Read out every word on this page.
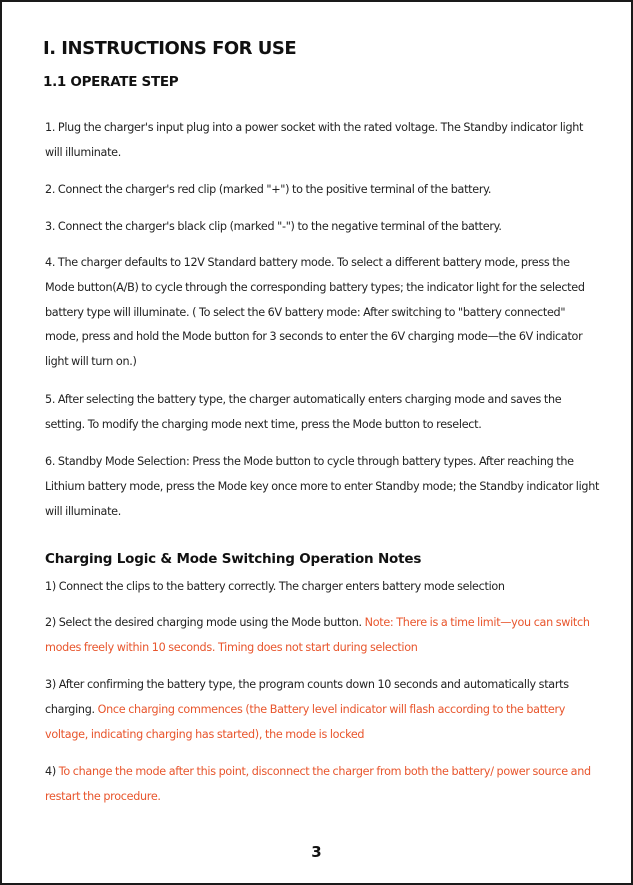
I. INSTRUCTIONS FOR USE
1.1 OPERATE STEP
1. Plug the charger's input plug into a power socket with the rated voltage. The Standby indicator light will illuminate.
2. Connect the charger's red clip (marked "+") to the positive terminal of the battery.
3. Connect the charger's black clip (marked "-") to the negative terminal of the battery.
4. The charger defaults to 12V Standard battery mode. To select a different battery mode, press the Mode button(A/B) to cycle through the corresponding battery types; the indicator light for the selected battery type will illuminate. ( To select the 6V battery mode: After switching to "battery connected" mode, press and hold the Mode button for 3 seconds to enter the 6V charging mode—the 6V indicator light will turn on.)
5. After selecting the battery type, the charger automatically enters charging mode and saves the setting. To modify the charging mode next time, press the Mode button to reselect.
6. Standby Mode Selection: Press the Mode button to cycle through battery types. After reaching the Lithium battery mode, press the Mode key once more to enter Standby mode; the Standby indicator light will illuminate.
Charging Logic & Mode Switching Operation Notes
1) Connect the clips to the battery correctly. The charger enters battery mode selection
2) Select the desired charging mode using the Mode button. Note: There is a time limit—you can switch modes freely within 10 seconds. Timing does not start during selection
3) After confirming the battery type, the program counts down 10 seconds and automatically starts charging. Once charging commences (the Battery level indicator will flash according to the battery voltage, indicating charging has started), the mode is locked
4) To change the mode after this point, disconnect the charger from both the battery/ power source and restart the procedure.
3
